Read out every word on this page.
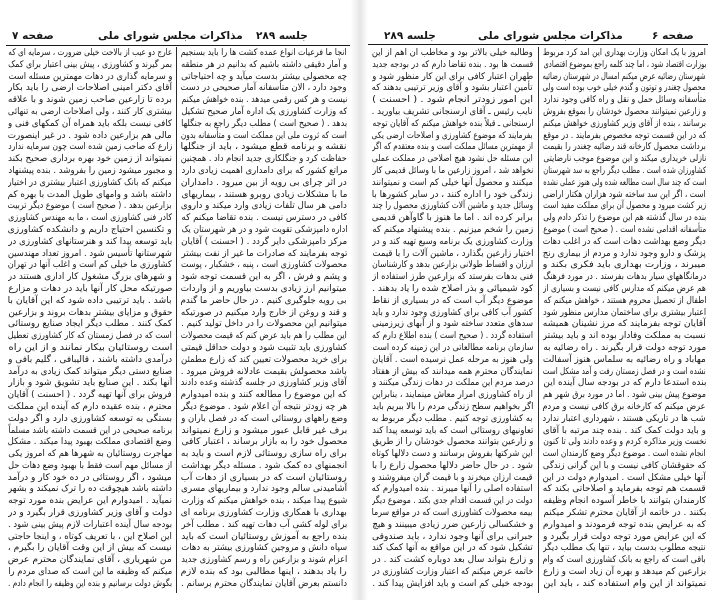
صفحه ۷	مذاکرات مجلس شورای ملی جلسه ۲۸۹
آنجا ما فرعیات انواع عمده کشت ها را باید بسنجیم
و آمار دقیقی داشته باشیم که بدانیم در هر منطقه
چه محصولی بیشتر بدست میآید و چه احتیاجاتی
وجود دارد ، الان متأسفانه آمار صحیحی در دست
نیست و هر کس رقمی میدهد . بنده خواهش میکنم
که وزارت کشاورزی یک اداره آمار صحیح تشکیل
بدهد . ( صحیح است ) مطلب دیگر راجع به جنگلها
است که ثروت ملی این مملکت است و متأسفانه بدون
نقشه و برنامه قطع میشود ، باید از جنگلها
حفاظت کرد و جنگلکاری جدید انجام داد . همچنین
مراتع کشور که برای دامداری اهمیت زیادی دارد
در اثر چرای بی رویه از بین میرود . دامداران
ما با مشکلات زیادی روبرو هستند ، بیماریهای
دامی هر سال تلفات زیادی وارد میکند و داروی
کافی در دسترس نیست . بنده تقاضا میکنم که
اداره دامپزشکی تقویت شود و در هر شهرستان یک
مرکز دامپزشکی دایر گردد . ( احسنت ) آقایان
توجه بفرمایند که صادرات ما غیر از نفت بیشتر
محصولات کشاورزی است ، پنبه ، خشکبار ، پوست
و پشم و فرش ، اگر به این قسمت توجه شود
میتوانیم ارز زیادی بدست بیاوریم و از واردات
بی رویه جلوگیری کنیم . در حال حاضر ما گندم
و قند و روغن از خارج وارد میکنیم در صورتیکه
میتوانیم این محصولات را در داخل تولید کنیم .
این مطلب را هم باید عرض کنم که قیمت محصولات
کشاورزی باید تثبیت شود و دولت حداقل قیمتی
برای خرید محصولات تعیین کند که زارع مطمئن
باشد محصولش بقیمت عادلانه فروش میرود .
آقای وزیر کشاورزی در جلسه گذشته وعده دادند
که این موضوع را مطالعه کنند و بنده امیدوارم
هر چه زودتر نتیجه آن اعلام شود . موضوع دیگر
وضع راههای روستائی است که در فصل باران و
برف غیر قابل عبور میشود و زارع نمیتواند
محصول خود را به بازار برساند ، اعتبار کافی
برای راه سازی روستائی لازم است و باید به
انجمنهای ده کمک شود . مسئله دیگر بهداشت
روستائیان است که در بسیاری از دهات آب
آشامیدنی سالم وجود ندارد و بیماریهای مسری
شیوع پیدا میکند ، بنده خواهش میکنم که وزارت
بهداری با همکاری وزارت کشاورزی برنامه ای
برای لوله کشی آب دهات تهیه کند . مطلب آخر
بنده راجع به آموزش روستائیان است که باید
سپاه دانش و مروجین کشاورزی بیشتر به دهات
اعزام شوند و بزارعین راه و رسم کشاورزی جدید
را یاد بدهند ، اینها مطالبی بود که بنده لازم
دانستم بعرض آقایان نمایندگان محترم برسانم .
عارج دو عیب از بالاحت خیلی ضرورت ، سرمایه ای که
بمر گیرند و کشاورزی ، پیش بینی اعتبار برای کمک
و سرمایه گذاری در دهات مهمترین مسئله است
آقای دکتر امینی اصلاحات ارضی را باید بکار
برده تا زارعین صاحب زمین شوند و با علاقه
بیشتری کار کنند ، ولی اصلاحات ارضی به تنهائی
کافی نیست بلکه باید همراه آن کمکهای فنی و
مالی هم بزارعین داده شود . در غیر اینصورت
زارع که صاحب زمین شده است چون سرمایه ندارد
نمیتواند از زمین خود بهره برداری صحیح بکند
و مجبور میشود زمین را بفروشد . بنده پیشنهاد
میکنم که بانک کشاورزی اعتبار بیشتری در اختیار
داشته باشد و وامهای طویل المدت با بهره کم
بزارعین بدهد . ( صحیح است ) موضوع دیگر تربیت
کادر فنی کشاورزی است ، ما به مهندس کشاورزی
و تکنسین احتیاج داریم و دانشکده کشاورزی
باید توسعه پیدا کند و هنرستانهای کشاورزی در
شهرستانها تأسیس شود . امروز تعداد مهندسین
کشاورزی ما خیلی کم است و اغلب آنها در تهران
و شهرهای بزرگ مشغول کار اداری هستند در
صورتیکه محل کار آنها باید در دهات و مزارع
باشد . باید ترتیبی داده شود که این آقایان با
حقوق و مزایای بیشتر بدهات بروند و بزارعین
کمک کنند . مطلب دیگر ایجاد صنایع روستائی
است که در فصل زمستان که کار کشاورزی تعطیل
است روستائیان بیکار نمانند و از این راه
درآمدی داشته باشند ، قالیبافی ، گلیم بافی و
صنایع دستی دیگر میتواند کمک زیادی به درآمد
آنها بکند . این صنایع باید تشویق شود و بازار
فروش برای آنها تهیه گردد . ( احسنت ) آقایان
محترم ، بنده عقیده دارم که آینده این مملکت
بستگی به توسعه کشاورزی دارد و اگر دولت
برنامه صحیحی در این قسمت داشته باشد مسلماً
وضع اقتصادی مملکت بهبود پیدا میکند . مشکل
مهاجرت روستائیان به شهرها هم که امروز یکی
از مسائل مهم است فقط با بهبود وضع دهات حل
میشود ، اگر روستائی در ده خود کار و درآمد
داشته باشد هیچوقت ده را ترک نمیکند و بشهر
نمیآید . امیدوارم این عرایض بنده مورد توجه
دولت و آقای وزیر کشاورزی قرار بگیرد و در
بودجه سال آینده اعتبارات لازم پیش بینی شود .
این اصلاح این ، با تعریف کوتاه ، و اینجا حاجتی
نیست که بیش از این وقت آقایان را بگیرم ،
من شهریاری ، آقای نمایندگان محترم عرض
میکنم که وظیفه ما این است که صدای مردم را
بگوش دولت برسانیم و بنده این وظیفه را انجام دادم .
صفحه ۶
مذاکرات مجلس شورای ملی
جلسه ۲۸۹
امروز با یک امکان وزارت بهداری این آمد کرد مربوط
بوزارت اقتصاد شود ، اما چند کلمه راجع بموضوع اقتصادی
شهرستان رضائیه عرض میکنم امسال در شهرستان رضائیه
محصول چغندر و توتون و گندم خیلی خوب بوده است ولی
متأسفانه وسائل حمل و نقل و راه کافی وجود ندارد
و زارعین نمیتوانند محصول خودشان را بموقع بفروش
برسانند ، بنده از آقای وزیر کشاورزی خواهش میکنم
که در این قسمت توجه مخصوص بفرمایند . در موقع
برداشت محصول کارخانه قند رضائیه چغندر را بقیمت
نازلی خریداری میکند و این موضوع موجب نارضایتی
کشاورزان شده است . مطلب دیگر راجع به سد شهرستان
است که چند سال است مطالعه شده ولی هنوز عملی نشده
است ، اگر این سد ساخته شود هزاران هکتار اراضی
زیر کشت میرود و محصول آن برای مملکت مفید است
بنده در سال گذشته هم این موضوع را تذکر دادم ولی
متأسفانه اقدامی نشده است . ( صحیح است ) موضوع
دیگر وضع بهداشت دهات است که در اغلب دهات
پزشک و دارو وجود ندارد و مردم از بیماری رنج
میبرند ، وزارت بهداری باید فکری بکند و
درمانگاههای سیار بدهات بفرستد . در مورد فرهنگ
هم عرض میکنم که مدارس کافی نیست و بسیاری از
اطفال از تحصیل محروم هستند ، خواهش میکنم که
اعتبار بیشتری برای ساختمان مدارس منظور شود
آقایان توجه بفرمایند که مرز نشینان همیشه
نسبت به مملکت وفادار بوده اند و باید بیشتر
مورد توجه دولت قرار بگیرند . راه رضائیه به
مهاباد و راه رضائیه به سلماس هنوز آسفالت
نشده است و در فصل زمستان رفت و آمد مشکل است
بنده استدعا دارم که در بودجه سال آینده این
موضوع پیش بینی شود . اما در مورد برق شهر هم
عرض میکنم که کارخانه برق کافی نیست و مردم
شب ها در تاریکی هستند ، شهرداری اعتبار ندارد
و باید دولت کمک کند . بنده چند مرتبه با آقای
نخست وزیر مذاکره کردم و وعده دادند ولی تا کنون
انجام نشده است . موضوع دیگر وضع کارمندان است
که حقوقشان کافی نیست و با این گرانی زندگی
آنها خیلی مشکل است . امیدوارم دولت در این
قسمت هم توجه بفرماید و اصلاحاتی بکند که
کارمندان بتوانند با خاطر آسوده انجام وظیفه
بکنند . در خاتمه از آقایان محترم تشکر میکنم
که به عرایض بنده توجه فرمودند و امیدوارم
که این عرایض مورد توجه دولت قرار بگیرد و
نتیجه مطلوب بدست بیاید ، تنها یک مطلب دیگر
باقی است که راجع به بانک کشاورزی است که وام
بزارعین کم میدهد و بهره آن زیاد است و زارع
نمیتواند از این وام استفاده کند ، باید این
وطالبه خیلی بالاتر بود و مخاطب آن اهم از این
قسمت ها بود . بنده تقاضا دارم که در بودجه جدید
طهران اعتبار کافی برای این کار منظور شود و
تأمین اعتبار بشود و آقای وزیر ترتیبی بدهند که
این امور زودتر انجام شود . ( احسنت )
نایب رئیس ـ آقای ارسنجانی تشریف بیاورید .
ارسنجانی ـ قبلاً بنده خواهش میکنم که آقایان توجه
بفرمایند که موضوع کشاورزی و اصلاحات ارضی یکی
از مهمترین مسائل مملکت است و بنده معتقدم که اگر
این مسئله حل نشود هیچ اصلاحی در مملکت عملی
نخواهد شد ، امروز زارعین ما با وسائل قدیمی کار
میکنند و محصول آنها خیلی کم است و نمیتوانند
زندگی خود را اداره کنند ، در سایر کشورها با
وسائل جدید و ماشین آلات کشاورزی محصول را چند
برابر کرده اند . اما ما هنوز با گاوآهن قدیمی
زمین را شخم میزنیم . بنده پیشنهاد میکنم که
وزارت کشاورزی یک برنامه وسیع تهیه کند و در
اختیار زارعین بگذارد ، ماشین آلات را با قیمت
ارزان و اقساط طولانی بزارعین بدهد و کارشناسان
فنی بدهات بفرستد که بزارعین طرز استفاده از
کود شیمیائی و بذر اصلاح شده را یاد بدهند .
موضوع دیگر آب است که در بسیاری از نقاط
کشور آب کافی برای کشاورزی وجود ندارد و باید
سدهای متعدد ساخته شود و از آبهای زیرزمینی
استفاده گردد . ( صحیح است ) بنده اطلاع دارم که
سازمان برنامه مطالعاتی در این زمینه کرده است
ولی هنوز به مرحله عمل نرسیده است . آقایان
نمایندگان محترم همه میدانند که بیش از هفتاد
درصد مردم این مملکت در دهات زندگی میکنند و
از راه کشاورزی امرار معاش مینمایند ، بنابراین
اگر بخواهیم سطح زندگی مردم را بالا ببریم باید
به کشاورزی توجه کنیم . مطلب دیگر مربوط به
تعاونیهای روستائی است که باید توسعه پیدا کند
و زارعین بتوانند محصول خودشان را از طریق
این شرکتها بفروش برسانند و دست دلالها کوتاه
شود . در حال حاضر دلالها محصول زارع را با
قیمت ارزان میخرند و با قیمت گران میفروشند و
استفاده اصلی را آنها میبرند . بنده امیدوارم که
دولت در این قسمت اقدام جدی بکند . موضوع دیگر
بیمه محصولات کشاورزی است که در مواقع سرما
و خشکسالی زارعین ضرر زیادی میبینند و هیچ
جبرانی برای آنها وجود ندارد ، باید صندوقی
تشکیل شود که در این مواقع به آنها کمک کند
و زارع بتواند سال بعد دوباره کشت کند . در
خاتمه عرض میکنم که اعتبار وزارت کشاورزی در
بودجه خیلی کم است و باید افزایش پیدا کند .
